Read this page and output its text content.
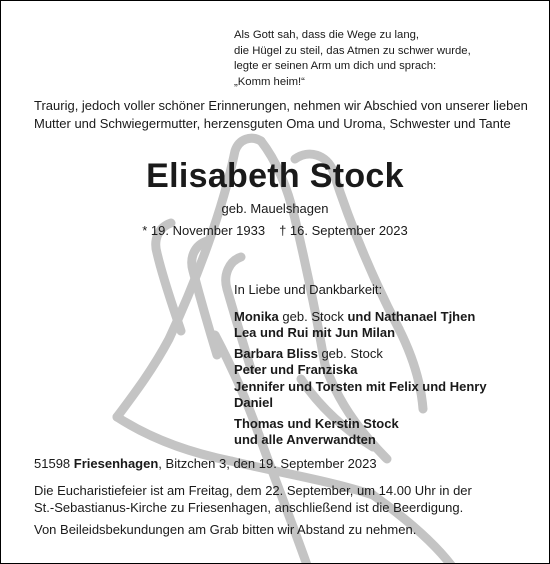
Als Gott sah, dass die Wege zu lang,
die Hügel zu steil, das Atmen zu schwer wurde,
legte er seinen Arm um dich und sprach:
„Komm heim!“
Traurig, jedoch voller schöner Erinnerungen, nehmen wir Abschied von unserer lieben
Mutter und Schwiegermutter, herzensguten Oma und Uroma, Schwester und Tante
Elisabeth Stock
geb. Mauelshagen
* 19. November 1933 † 16. September 2023
In Liebe und Dankbarkeit:
Monika geb. Stock und Nathanael Tjhen
Lea und Rui mit Jun Milan
Barbara Bliss geb. Stock
Peter und Franziska
Jennifer und Torsten mit Felix und Henry
Daniel
Thomas und Kerstin Stock
und alle Anverwandten
51598 Friesenhagen, Bitzchen 3, den 19. September 2023
Die Eucharistiefeier ist am Freitag, dem 22. September, um 14.00 Uhr in der
St.-Sebastianus-Kirche zu Friesenhagen, anschließend ist die Beerdigung.
Von Beileidsbekundungen am Grab bitten wir Abstand zu nehmen.
